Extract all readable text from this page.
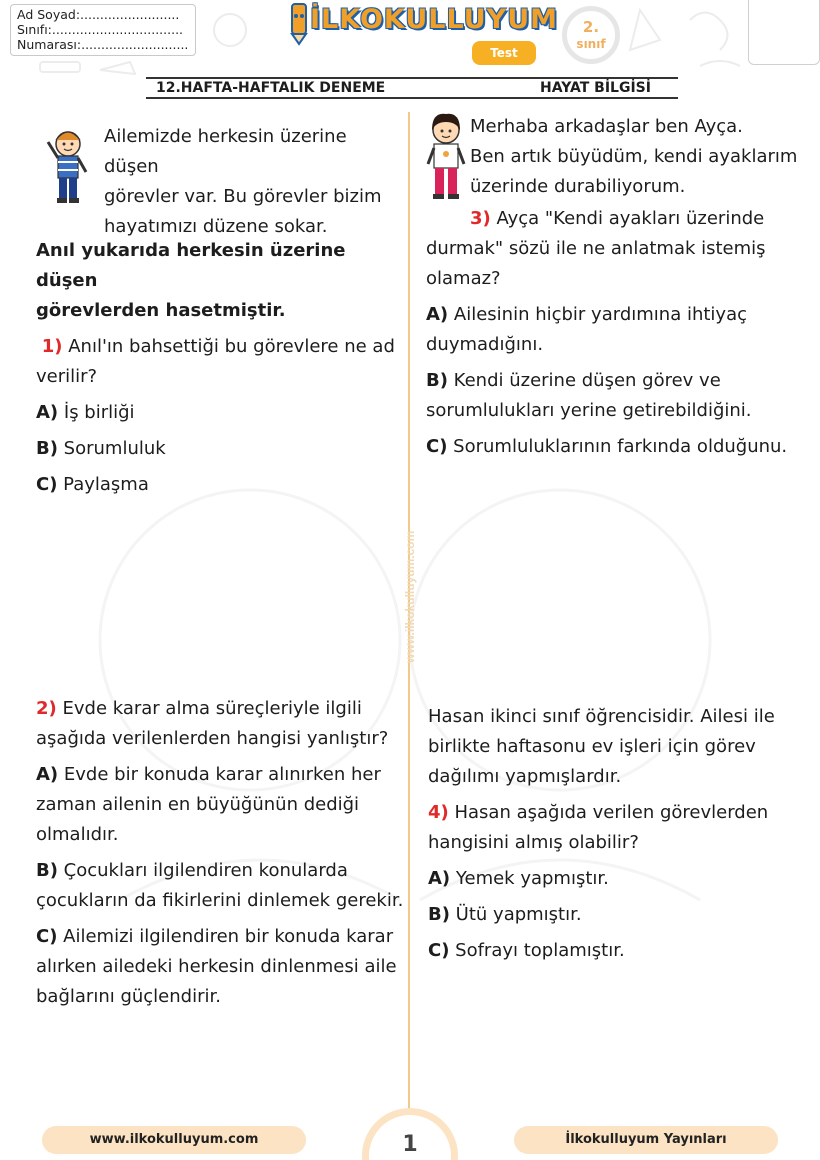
Ad Soyad:.........................
Sınıfı:.................................
Numarası:...........................
İLKOKULLUYUM
Test
2.
sınıf
12.HAFTA-HAFTALIK DENEME	HAYAT BİLGİSİ
www.ilkokulluyum.com

Ailemizde herkesin üzerine düşen

görevler var. Bu görevler bizim

hayatımızı düzene sokar.

Anıl yukarıda herkesin üzerine düşen

görevlerden hasetmiştir.

1) Anıl'ın bahsettiği bu görevlere ne ad

verilir?

A) İş birliği

B) Sorumluluk

C) Paylaşma

Merhaba arkadaşlar ben Ayça.

Ben artık büyüdüm, kendi ayaklarım

üzerinde durabiliyorum.

3) Ayça "Kendi ayakları üzerinde

durmak" sözü ile ne anlatmak istemiş

olamaz?

A) Ailesinin hiçbir yardımına ihtiyaç

duymadığını.

B) Kendi üzerine düşen görev ve

sorumlulukları yerine getirebildiğini.

C) Sorumluluklarının farkında olduğunu.

2) Evde karar alma süreçleriyle ilgili

aşağıda verilenlerden hangisi yanlıştır?

A) Evde bir konuda karar alınırken her

zaman ailenin en büyüğünün dediği

olmalıdır.

B) Çocukları ilgilendiren konularda

çocukların da fikirlerini dinlemek gerekir.

C) Ailemizi ilgilendiren bir konuda karar

alırken ailedeki herkesin dinlenmesi aile

bağlarını güçlendirir.

Hasan ikinci sınıf öğrencisidir. Ailesi ile

birlikte haftasonu ev işleri için görev

dağılımı yapmışlardır.

4) Hasan aşağıda verilen görevlerden

hangisini almış olabilir?

A) Yemek yapmıştır.

B) Ütü yapmıştır.

C) Sofrayı toplamıştır.

www.ilkokulluyum.com	1	İlkokulluyum Yayınları
